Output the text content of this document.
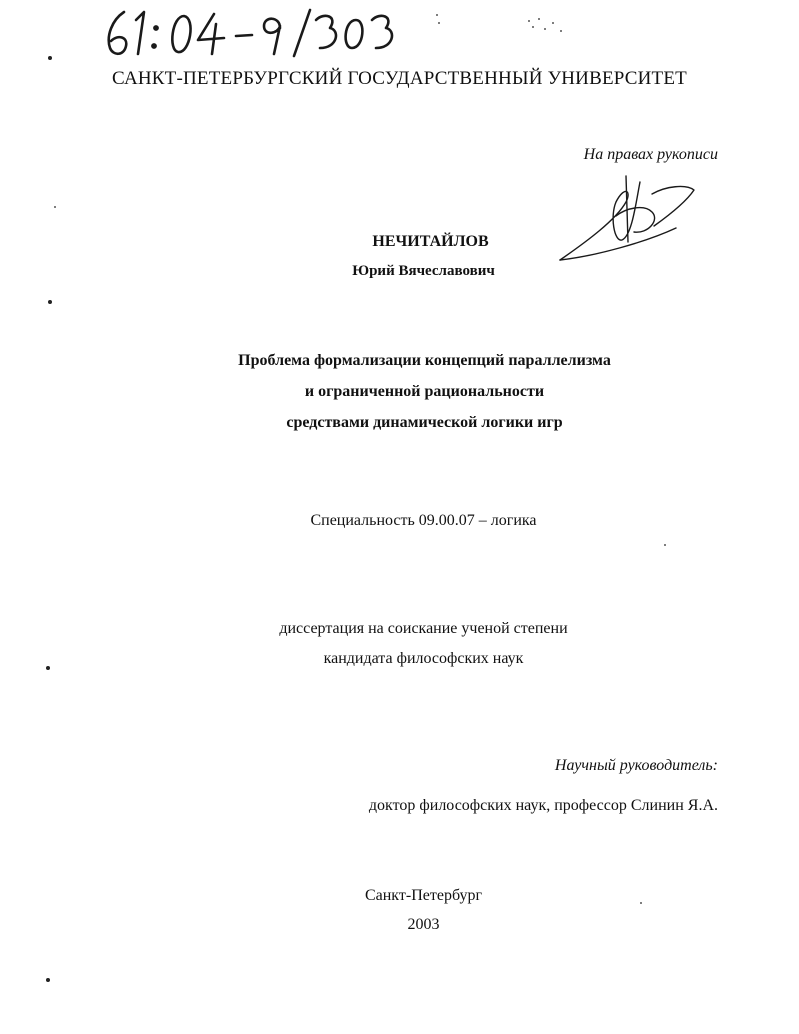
САНКТ-ПЕТЕРБУРГСКИЙ ГОСУДАРСТВЕННЫЙ УНИВЕРСИТЕТ
На правах рукописи
НЕЧИТАЙЛОВ
Юрий Вячеславович
Проблема формализации концепций параллелизма
и ограниченной рациональности
средствами динамической логики игр
Специальность 09.00.07 – логика
диссертация на соискание ученой степени
кандидата философских наук
Научный руководитель:
доктор философских наук, профессор Слинин Я.А.
Санкт-Петербург
2003
